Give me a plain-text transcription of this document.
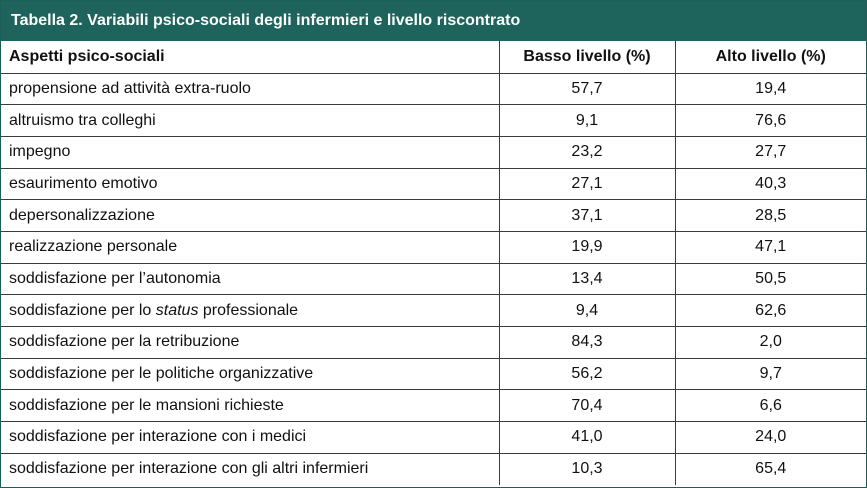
Tabella 2. Variabili psico-sociali degli infermieri e livello riscontrato
Aspetti psico-sociali	Basso livello (%)	Alto livello (%)
propensione ad attività extra-ruolo	57,7	19,4
altruismo tra colleghi	9,1	76,6
impegno	23,2	27,7
esaurimento emotivo	27,1	40,3
depersonalizzazione	37,1	28,5
realizzazione personale	19,9	47,1
soddisfazione per l’autonomia	13,4	50,5
soddisfazione per lo status professionale	9,4	62,6
soddisfazione per la retribuzione	84,3	2,0
soddisfazione per le politiche organizzative	56,2	9,7
soddisfazione per le mansioni richieste	70,4	6,6
soddisfazione per interazione con i medici	41,0	24,0
soddisfazione per interazione con gli altri infermieri	10,3	65,4
